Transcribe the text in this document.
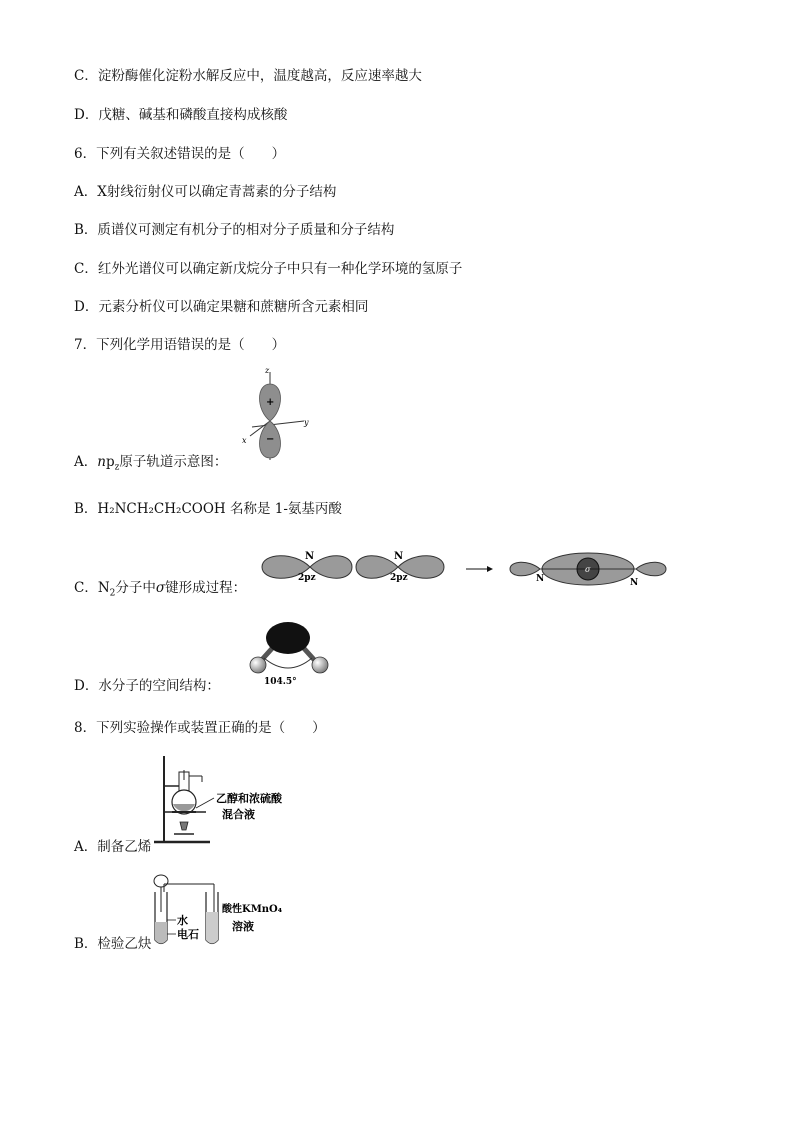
C．淀粉酶催化淀粉水解反应中，温度越高，反应速率越大
D．戊糖、碱基和磷酸直接构成核酸
6．下列有关叙述错误的是（　　）
A．X射线衍射仪可以确定青蒿素的分子结构
B．质谱仪可测定有机分子的相对分子质量和分子结构
C．红外光谱仪可以确定新戊烷分子中只有一种化学环境的氢原子
D．元素分析仪可以确定果糖和蔗糖所含元素相同
7．下列化学用语错误的是（　　）
A．$np_z$原子轨道示意图：
B．H₂NCH₂CH₂COOH 名称是 1-氨基丙酸
C．$N_2$分子中σ键形成过程：
D．水分子的空间结构：
8．下列实验操作或装置正确的是（　　）
A．制备乙烯
B．检验乙炔
z
y
x
+
−
N	N
2pz	2pz	N	N
σ
104.5°
乙醇和浓硫酸
混合液
水
电石
酸性KMnO₄
溶液
